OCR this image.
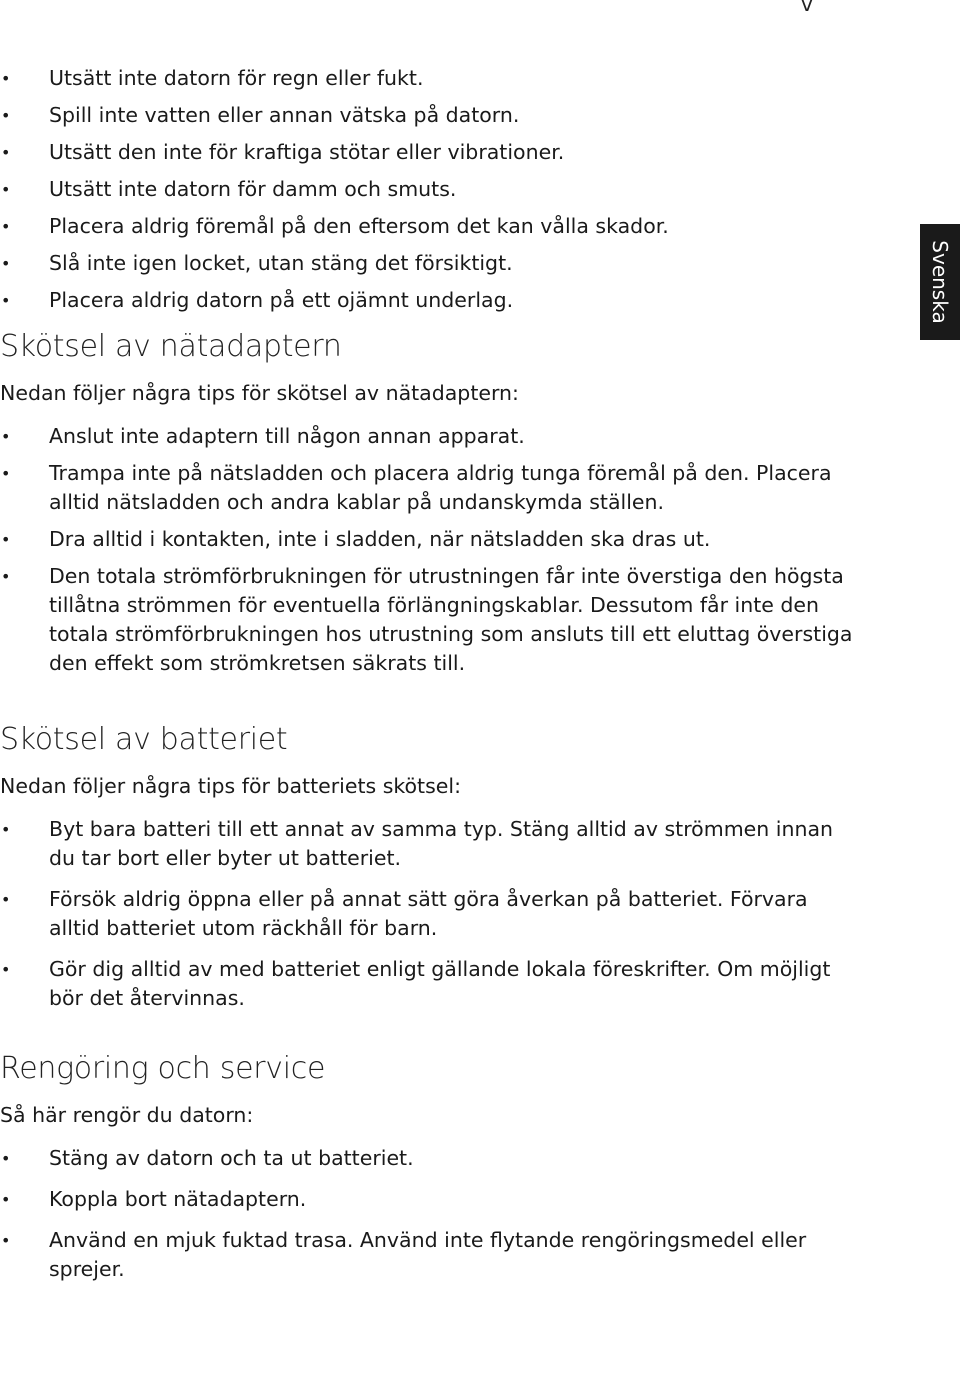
v
Svenska
• Utsätt inte datorn för regn eller fukt.
• Spill inte vatten eller annan vätska på datorn.
• Utsätt den inte för kraftiga stötar eller vibrationer.
• Utsätt inte datorn för damm och smuts.
• Placera aldrig föremål på den eftersom det kan vålla skador.
• Slå inte igen locket, utan stäng det försiktigt.
• Placera aldrig datorn på ett ojämnt underlag.
Skötsel av nätadaptern

Nedan följer några tips för skötsel av nätadaptern:

• Anslut inte adaptern till någon annan apparat.
• Trampa inte på nätsladden och placera aldrig tunga föremål på den. Placera alltid nätsladden och andra kablar på undanskymda ställen.
• Dra alltid i kontakten, inte i sladden, när nätsladden ska dras ut.
• Den totala strömförbrukningen för utrustningen får inte överstiga den högsta tillåtna strömmen för eventuella förlängningskablar. Dessutom får inte den totala strömförbrukningen hos utrustning som ansluts till ett eluttag överstiga den effekt som strömkretsen säkrats till.
Skötsel av batteriet

Nedan följer några tips för batteriets skötsel:

• Byt bara batteri till ett annat av samma typ. Stäng alltid av strömmen innan du tar bort eller byter ut batteriet.
• Försök aldrig öppna eller på annat sätt göra åverkan på batteriet. Förvara alltid batteriet utom räckhåll för barn.
• Gör dig alltid av med batteriet enligt gällande lokala föreskrifter. Om möjligt bör det återvinnas.
Rengöring och service

Så här rengör du datorn:

• Stäng av datorn och ta ut batteriet.
• Koppla bort nätadaptern.
• Använd en mjuk fuktad trasa. Använd inte flytande rengöringsmedel eller sprejer.
